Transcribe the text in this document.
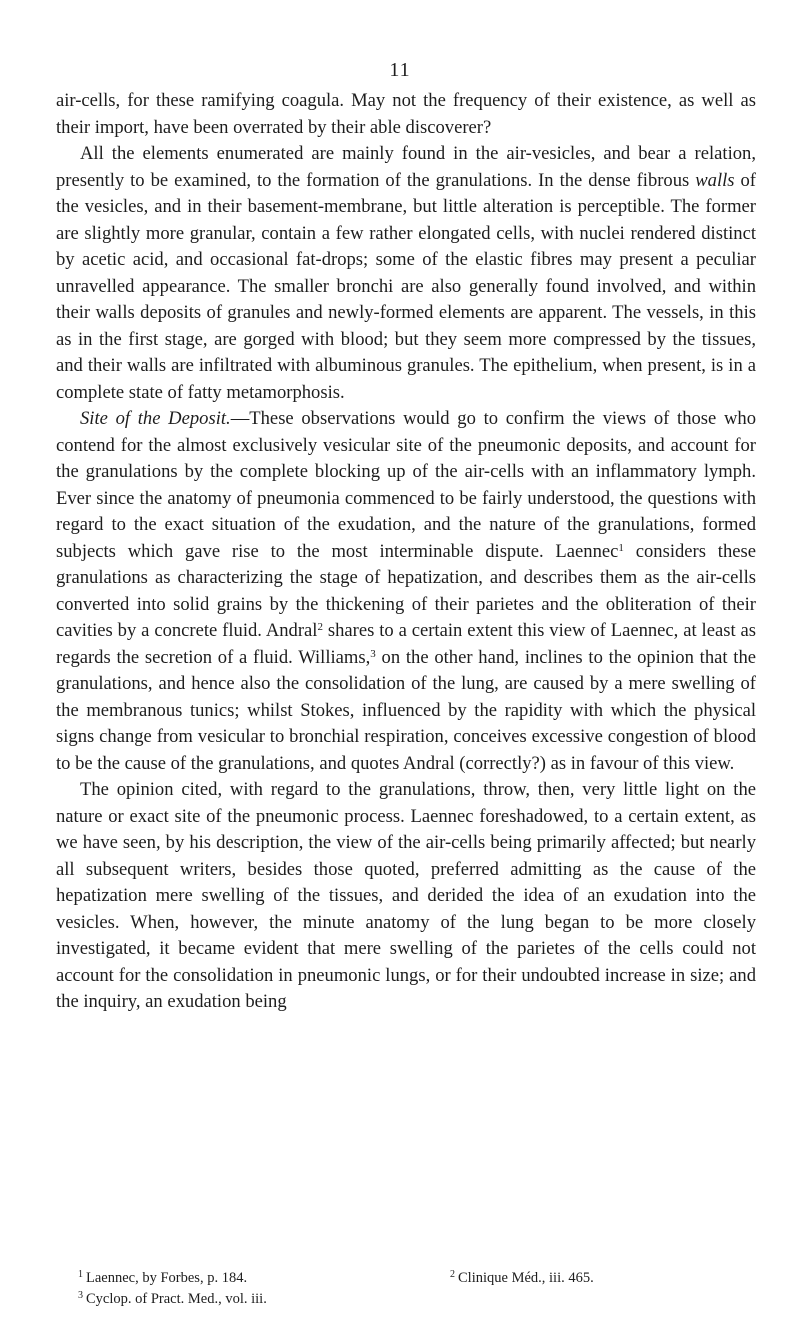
11

air-cells, for these ramifying coagula. May not the frequency of their existence, as well as their import, have been overrated by their able discoverer?

All the elements enumerated are mainly found in the air-vesicles, and bear a relation, presently to be examined, to the formation of the granulations. In the dense fibrous walls of the vesicles, and in their basement-membrane, but little alteration is perceptible. The former are slightly more granular, contain a few rather elongated cells, with nuclei rendered distinct by acetic acid, and occasional fat-drops; some of the elastic fibres may present a peculiar unravelled appearance. The smaller bronchi are also generally found involved, and within their walls deposits of granules and newly-formed elements are apparent. The vessels, in this as in the first stage, are gorged with blood; but they seem more compressed by the tissues, and their walls are infiltrated with albuminous granules. The epithelium, when present, is in a complete state of fatty metamorphosis.

Site of the Deposit.—These observations would go to confirm the views of those who contend for the almost exclusively vesicular site of the pneumonic deposits, and account for the granulations by the complete blocking up of the air-cells with an inflammatory lymph. Ever since the anatomy of pneumonia commenced to be fairly understood, the questions with regard to the exact situation of the exudation, and the nature of the granulations, formed subjects which gave rise to the most interminable dispute. Laennec$^1$ considers these granulations as characterizing the stage of hepatization, and describes them as the air-cells converted into solid grains by the thickening of their parietes and the obliteration of their cavities by a concrete fluid. Andral$^2$ shares to a certain extent this view of Laennec, at least as regards the secretion of a fluid. Williams,$^3$ on the other hand, inclines to the opinion that the granulations, and hence also the consolidation of the lung, are caused by a mere swelling of the membranous tunics; whilst Stokes, influenced by the rapidity with which the physical signs change from vesicular to bronchial respiration, conceives excessive congestion of blood to be the cause of the granulations, and quotes Andral (correctly?) as in favour of this view.

The opinion cited, with regard to the granulations, throw, then, very little light on the nature or exact site of the pneumonic process. Laennec foreshadowed, to a certain extent, as we have seen, by his description, the view of the air-cells being primarily affected; but nearly all subsequent writers, besides those quoted, preferred admitting as the cause of the hepatization mere swelling of the tissues, and derided the idea of an exudation into the vesicles. When, however, the minute anatomy of the lung began to be more closely investigated, it became evident that mere swelling of the parietes of the cells could not account for the consolidation in pneumonic lungs, or for their undoubted increase in size; and the inquiry, an exudation being

$^1$ Laennec, by Forbes, p. 184.	$^2$ Clinique Méd., iii. 465.
$^3$ Cyclop. of Pract. Med., vol. iii.
